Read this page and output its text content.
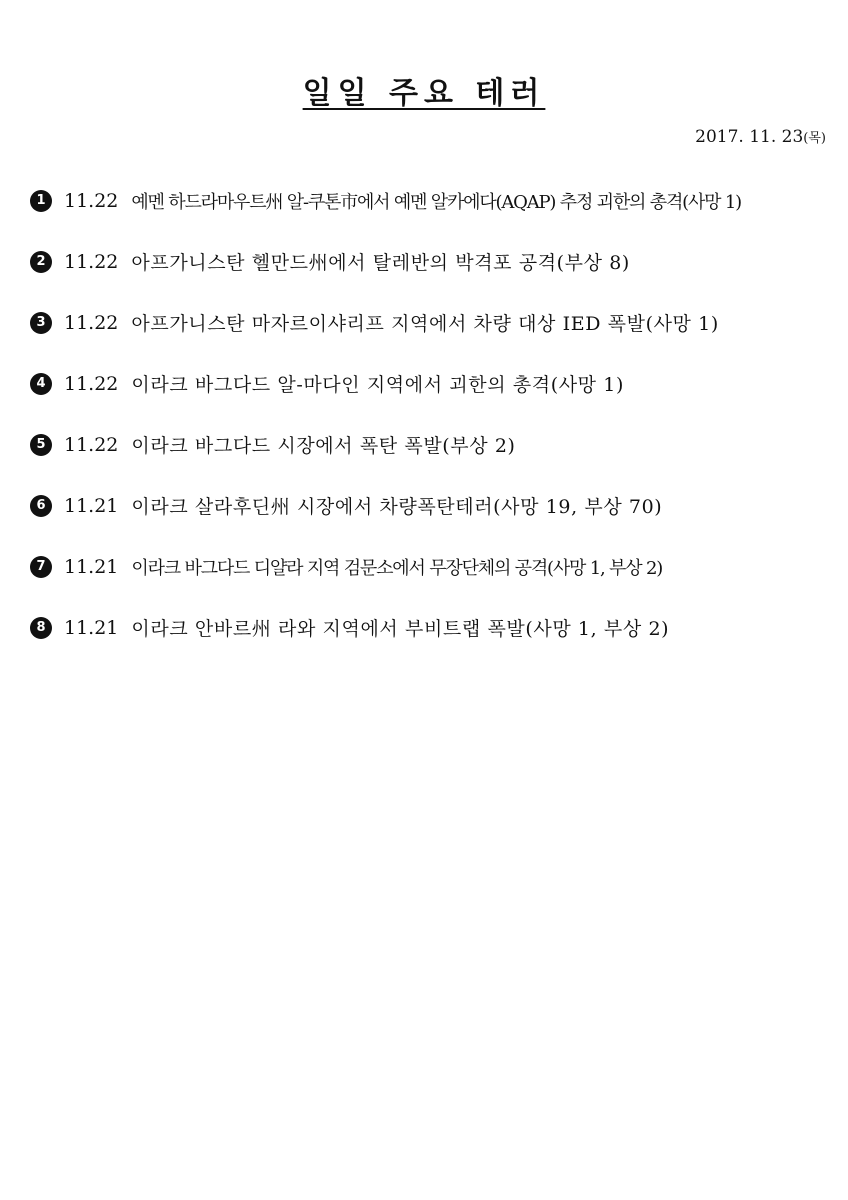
일일 주요 테러
2017. 11. 23(목)
1 11.22 예멘 하드라마우트州 알-쿠톤市에서 예멘 알카에다(AQAP) 추정 괴한의 총격(사망 1)
2 11.22 아프가니스탄 헬만드州에서 탈레반의 박격포 공격(부상 8)
3 11.22 아프가니스탄 마자르이샤리프 지역에서 차량 대상 IED 폭발(사망 1)
4 11.22 이라크 바그다드 알-마다인 지역에서 괴한의 총격(사망 1)
5 11.22 이라크 바그다드 시장에서 폭탄 폭발(부상 2)
6 11.21 이라크 살라후딘州 시장에서 차량폭탄테러(사망 19, 부상 70)
7 11.21 이라크 바그다드 디얄라 지역 검문소에서 무장단체의 공격(사망 1, 부상 2)
8 11.21 이라크 안바르州 라와 지역에서 부비트랩 폭발(사망 1, 부상 2)
